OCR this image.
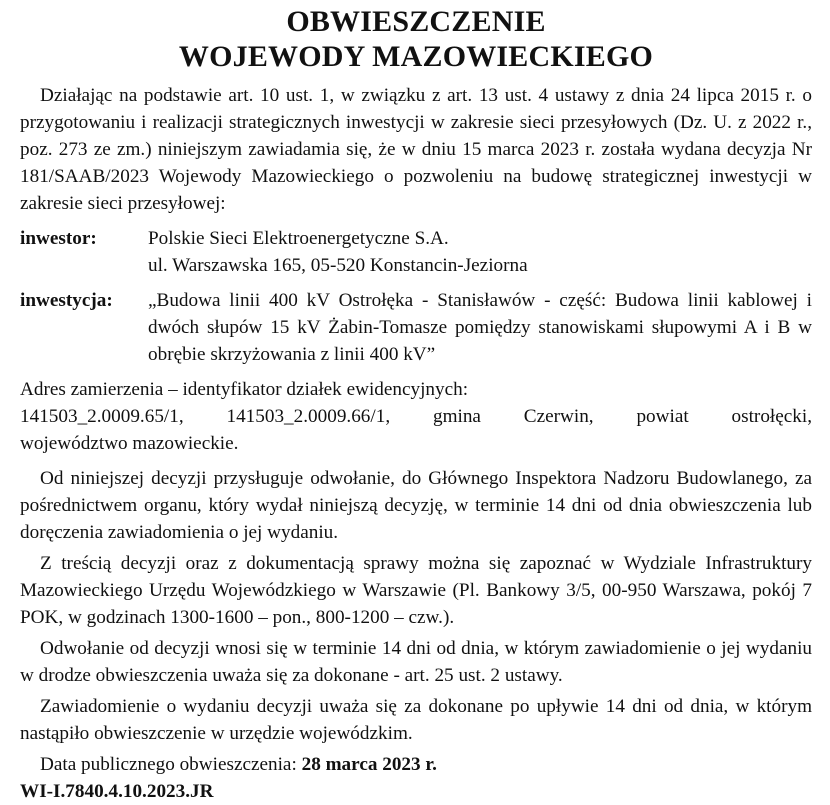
OBWIESZCZENIE
WOJEWODY MAZOWIECKIEGO

Działając na podstawie art. 10 ust. 1, w związku z art. 13 ust. 4 ustawy z dnia 24 lipca 2015 r. o przygotowaniu i realizacji strategicznych inwestycji w zakresie sieci przesyłowych (Dz. U. z 2022 r., poz. 273 ze zm.) niniejszym zawiadamia się, że w dniu 15 marca 2023 r. została wydana decyzja Nr 181/SAAB/2023 Wojewody Mazowieckiego o pozwoleniu na budowę strategicznej inwestycji w zakresie sieci przesyłowej:

inwestor:	Polskie Sieci Elektroenergetyczne S.A.
ul. Warszawska 165, 05-520 Konstancin-Jeziorna
inwestycja:	„Budowa linii 400 kV Ostrołęka - Stanisławów - część: Budowa linii kablowej i dwóch słupów 15 kV Żabin-Tomasze pomiędzy stanowiskami słupowymi A i B w obrębie skrzyżowania z linii 400 kV”

Adres zamierzenia – identyfikator działek ewidencyjnych:

141503_2.0009.65/1, 141503_2.0009.66/1, gmina Czerwin, powiat ostrołęcki,

województwo mazowieckie.

Od niniejszej decyzji przysługuje odwołanie, do Głównego Inspektora Nadzoru Budowlanego, za pośrednictwem organu, który wydał niniejszą decyzję, w terminie 14 dni od dnia obwieszczenia lub doręczenia zawiadomienia o jej wydaniu.

Z treścią decyzji oraz z dokumentacją sprawy można się zapoznać w Wydziale Infrastruktury Mazowieckiego Urzędu Wojewódzkiego w Warszawie (Pl. Bankowy 3/5, 00-950 Warszawa, pokój 7 POK, w godzinach 1300-1600 – pon., 800-1200 – czw.).

Odwołanie od decyzji wnosi się w terminie 14 dni od dnia, w którym zawiadomienie o jej wydaniu w drodze obwieszczenia uważa się za dokonane - art. 25 ust. 2 ustawy.

Zawiadomienie o wydaniu decyzji uważa się za dokonane po upływie 14 dni od dnia, w którym nastąpiło obwieszczenie w urzędzie wojewódzkim.

Data publicznego obwieszczenia: 28 marca 2023 r.

WI-I.7840.4.10.2023.JR
